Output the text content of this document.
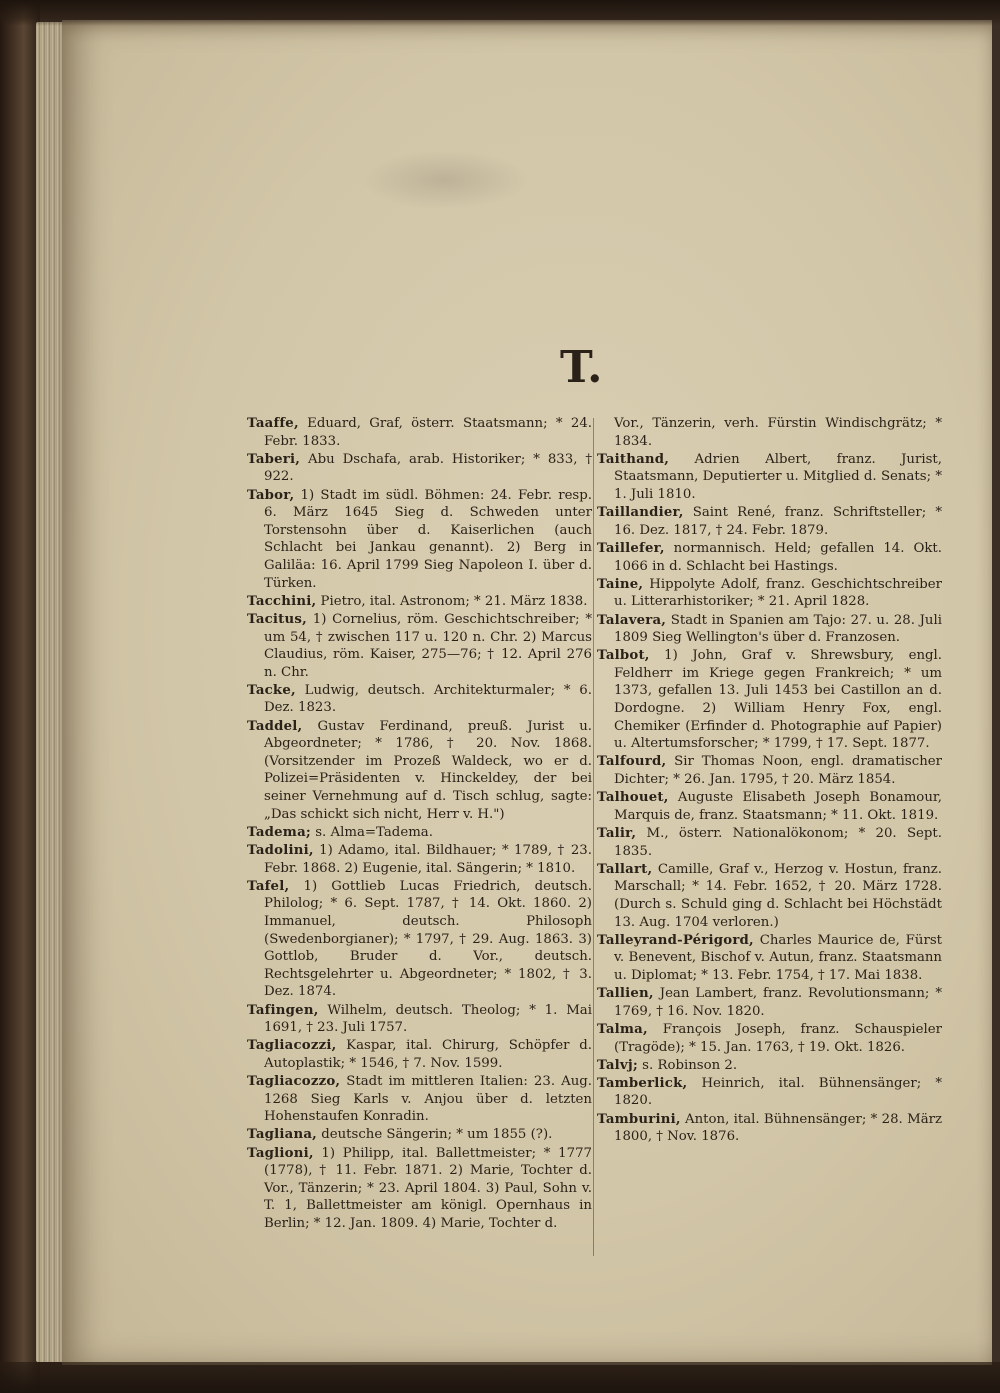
T.

Taaffe, Eduard, Graf, österr. Staatsmann; * 24. Febr. 1833.

Taberi, Abu Dschafa, arab. Historiker; * 833, † 922.

Tabor, 1) Stadt im südl. Böhmen: 24. Febr. resp. 6. März 1645 Sieg d. Schweden unter Torstensohn über d. Kaiserlichen (auch Schlacht bei Jankau genannt). 2) Berg in Galiläa: 16. April 1799 Sieg Napoleon I. über d. Türken.

Tacchini, Pietro, ital. Astronom; * 21. März 1838.

Tacitus, 1) Cornelius, röm. Geschichtschreiber; * um 54, † zwischen 117 u. 120 n. Chr. 2) Marcus Claudius, röm. Kaiser, 275—76; † 12. April 276 n. Chr.

Tacke, Ludwig, deutsch. Architekturmaler; * 6. Dez. 1823.

Taddel, Gustav Ferdinand, preuß. Jurist u. Abgeordneter; * 1786, † 20. Nov. 1868. (Vorsitzender im Prozeß Waldeck, wo er d. Polizei=Präsidenten v. Hinckeldey, der bei seiner Vernehmung auf d. Tisch schlug, sagte: „Das schickt sich nicht, Herr v. H.")

Tadema; s. Alma=Tadema.

Tadolini, 1) Adamo, ital. Bildhauer; * 1789, † 23. Febr. 1868. 2) Eugenie, ital. Sängerin; * 1810.

Tafel, 1) Gottlieb Lucas Friedrich, deutsch. Philolog; * 6. Sept. 1787, † 14. Okt. 1860. 2) Immanuel, deutsch. Philosoph (Swedenborgianer); * 1797, † 29. Aug. 1863. 3) Gottlob, Bruder d. Vor., deutsch. Rechtsgelehrter u. Abgeordneter; * 1802, † 3. Dez. 1874.

Tafingen, Wilhelm, deutsch. Theolog; * 1. Mai 1691, † 23. Juli 1757.

Tagliacozzi, Kaspar, ital. Chirurg, Schöpfer d. Autoplastik; * 1546, † 7. Nov. 1599.

Tagliacozzo, Stadt im mittleren Italien: 23. Aug. 1268 Sieg Karls v. Anjou über d. letzten Hohenstaufen Konradin.

Tagliana, deutsche Sängerin; * um 1855 (?).

Taglioni, 1) Philipp, ital. Ballettmeister; * 1777 (1778), † 11. Febr. 1871. 2) Marie, Tochter d. Vor., Tänzerin; * 23. April 1804. 3) Paul, Sohn v. T. 1, Ballettmeister am königl. Opernhaus in Berlin; * 12. Jan. 1809. 4) Marie, Tochter d.

Vor., Tänzerin, verh. Fürstin Windischgrätz; * 1834.

Taithand, Adrien Albert, franz. Jurist, Staatsmann, Deputierter u. Mitglied d. Senats; * 1. Juli 1810.

Taillandier, Saint René, franz. Schriftsteller; * 16. Dez. 1817, † 24. Febr. 1879.

Taillefer, normannisch. Held; gefallen 14. Okt. 1066 in d. Schlacht bei Hastings.

Taine, Hippolyte Adolf, franz. Geschichtschreiber u. Litterarhistoriker; * 21. April 1828.

Talavera, Stadt in Spanien am Tajo: 27. u. 28. Juli 1809 Sieg Wellington's über d. Franzosen.

Talbot, 1) John, Graf v. Shrewsbury, engl. Feldherr im Kriege gegen Frankreich; * um 1373, gefallen 13. Juli 1453 bei Castillon an d. Dordogne. 2) William Henry Fox, engl. Chemiker (Erfinder d. Photographie auf Papier) u. Altertumsforscher; * 1799, † 17. Sept. 1877.

Talfourd, Sir Thomas Noon, engl. dramatischer Dichter; * 26. Jan. 1795, † 20. März 1854.

Talhouet, Auguste Elisabeth Joseph Bonamour, Marquis de, franz. Staatsmann; * 11. Okt. 1819.

Talir, M., österr. Nationalökonom; * 20. Sept. 1835.

Tallart, Camille, Graf v., Herzog v. Hostun, franz. Marschall; * 14. Febr. 1652, † 20. März 1728. (Durch s. Schuld ging d. Schlacht bei Höchstädt 13. Aug. 1704 verloren.)

Talleyrand-Périgord, Charles Maurice de, Fürst v. Benevent, Bischof v. Autun, franz. Staatsmann u. Diplomat; * 13. Febr. 1754, † 17. Mai 1838.

Tallien, Jean Lambert, franz. Revolutionsmann; * 1769, † 16. Nov. 1820.

Talma, François Joseph, franz. Schauspieler (Tragöde); * 15. Jan. 1763, † 19. Okt. 1826.

Talvj; s. Robinson 2.

Tamberlick, Heinrich, ital. Bühnensänger; * 1820.

Tamburini, Anton, ital. Bühnensänger; * 28. März 1800, † Nov. 1876.
